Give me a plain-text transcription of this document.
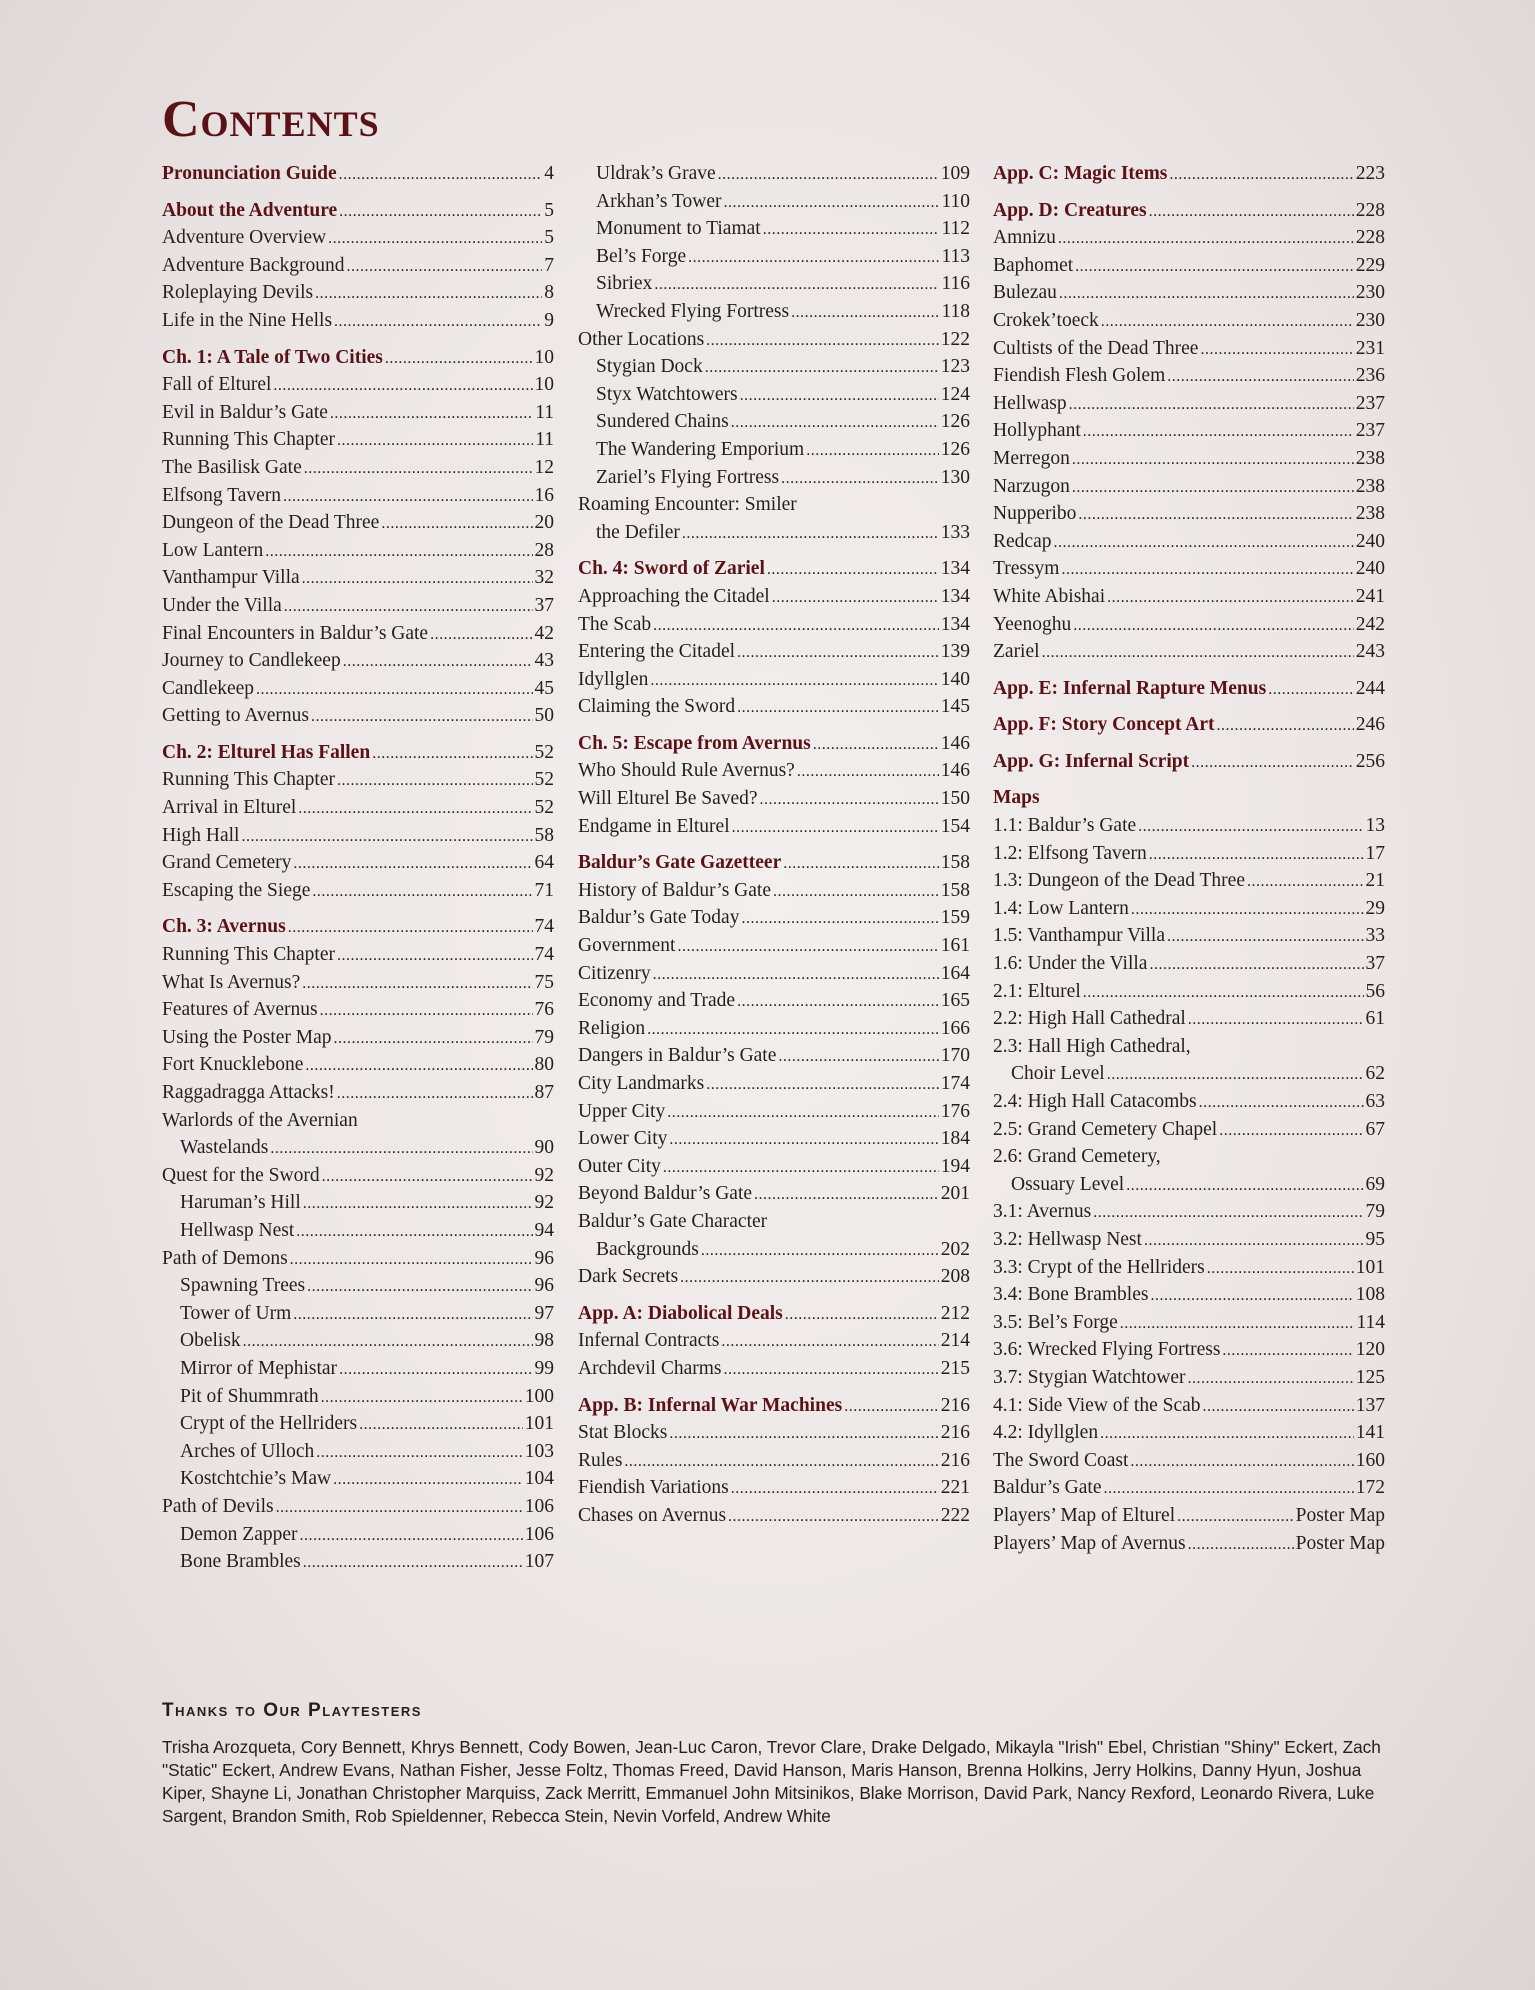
Contents
Pronunciation Guide .....	4
About the Adventure .....	5
Adventure Overview .....	5
Adventure Background .....	7
Roleplaying Devils .....	8
Life in the Nine Hells .....	9
Ch. 1: A Tale of Two Cities .....	10
Fall of Elturel .....	10
Evil in Baldur’s Gate .....	11
Running This Chapter .....	11
The Basilisk Gate .....	12
Elfsong Tavern .....	16
Dungeon of the Dead Three .....	20
Low Lantern .....	28
Vanthampur Villa .....	32
Under the Villa .....	37
Final Encounters in Baldur’s Gate .....	42
Journey to Candlekeep .....	43
Candlekeep .....	45
Getting to Avernus .....	50
Ch. 2: Elturel Has Fallen .....	52
Running This Chapter .....	52
Arrival in Elturel .....	52
High Hall .....	58
Grand Cemetery .....	64
Escaping the Siege .....	71
Ch. 3: Avernus .....	74
Running This Chapter .....	74
What Is Avernus? .....	75
Features of Avernus .....	76
Using the Poster Map .....	79
Fort Knucklebone .....	80
Raggadragga Attacks! .....	87
Warlords of the Avernian
Wastelands .....	90
Quest for the Sword .....	92
Haruman’s Hill .....	92
Hellwasp Nest .....	94
Path of Demons .....	96
Spawning Trees .....	96
Tower of Urm .....	97
Obelisk .....	98
Mirror of Mephistar .....	99
Pit of Shummrath .....	100
Crypt of the Hellriders .....	101
Arches of Ulloch .....	103
Kostchtchie’s Maw .....	104
Path of Devils .....	106
Demon Zapper .....	106
Bone Brambles .....	107
Uldrak’s Grave .....	109
Arkhan’s Tower .....	110
Monument to Tiamat .....	112
Bel’s Forge .....	113
Sibriex .....	116
Wrecked Flying Fortress .....	118
Other Locations .....	122
Stygian Dock .....	123
Styx Watchtowers .....	124
Sundered Chains .....	126
The Wandering Emporium .....	126
Zariel’s Flying Fortress .....	130
Roaming Encounter: Smiler
the Defiler .....	133
Ch. 4: Sword of Zariel .....	134
Approaching the Citadel .....	134
The Scab .....	134
Entering the Citadel .....	139
Idyllglen .....	140
Claiming the Sword .....	145
Ch. 5: Escape from Avernus .....	146
Who Should Rule Avernus? .....	146
Will Elturel Be Saved? .....	150
Endgame in Elturel .....	154
Baldur’s Gate Gazetteer .....	158
History of Baldur’s Gate .....	158
Baldur’s Gate Today .....	159
Government .....	161
Citizenry .....	164
Economy and Trade .....	165
Religion .....	166
Dangers in Baldur’s Gate .....	170
City Landmarks .....	174
Upper City .....	176
Lower City .....	184
Outer City .....	194
Beyond Baldur’s Gate .....	201
Baldur’s Gate Character
Backgrounds .....	202
Dark Secrets .....	208
App. A: Diabolical Deals .....	212
Infernal Contracts .....	214
Archdevil Charms .....	215
App. B: Infernal War Machines .....	216
Stat Blocks .....	216
Rules .....	216
Fiendish Variations .....	221
Chases on Avernus .....	222
App. C: Magic Items .....	223
App. D: Creatures .....	228
Amnizu .....	228
Baphomet .....	229
Bulezau .....	230
Crokek’toeck .....	230
Cultists of the Dead Three .....	231
Fiendish Flesh Golem .....	236
Hellwasp .....	237
Hollyphant .....	237
Merregon .....	238
Narzugon .....	238
Nupperibo .....	238
Redcap .....	240
Tressym .....	240
White Abishai .....	241
Yeenoghu .....	242
Zariel .....	243
App. E: Infernal Rapture Menus .....	244
App. F: Story Concept Art .....	246
App. G: Infernal Script .....	256
Maps
1.1: Baldur’s Gate .....	13
1.2: Elfsong Tavern .....	17
1.3: Dungeon of the Dead Three .....	21
1.4: Low Lantern .....	29
1.5: Vanthampur Villa .....	33
1.6: Under the Villa .....	37
2.1: Elturel .....	56
2.2: High Hall Cathedral .....	61
2.3: Hall High Cathedral,
Choir Level .....	62
2.4: High Hall Catacombs .....	63
2.5: Grand Cemetery Chapel .....	67
2.6: Grand Cemetery,
Ossuary Level .....	69
3.1: Avernus .....	79
3.2: Hellwasp Nest .....	95
3.3: Crypt of the Hellriders .....	101
3.4: Bone Brambles .....	108
3.5: Bel’s Forge .....	114
3.6: Wrecked Flying Fortress .....	120
3.7: Stygian Watchtower .....	125
4.1: Side View of the Scab .....	137
4.2: Idyllglen .....	141
The Sword Coast .....	160
Baldur’s Gate .....	172
Players’ Map of Elturel .....	Poster Map
Players’ Map of Avernus .....	Poster Map
Thanks to Our Playtesters

Trisha Arozqueta, Cory Bennett, Khrys Bennett, Cody Bowen, Jean-Luc Caron, Trevor Clare, Drake Delgado, Mikayla "Irish" Ebel, Christian "Shiny" Eckert, Zach "Static" Eckert, Andrew Evans, Nathan Fisher, Jesse Foltz, Thomas Freed, David Hanson, Maris Hanson, Brenna Holkins, Jerry Holkins, Danny Hyun, Joshua Kiper, Shayne Li, Jonathan Christopher Marquiss, Zack Merritt, Emmanuel John Mitsinikos, Blake Morrison, David Park, Nancy Rexford, Leonardo Rivera, Luke Sargent, Brandon Smith, Rob Spieldenner, Rebecca Stein, Nevin Vorfeld, Andrew White
